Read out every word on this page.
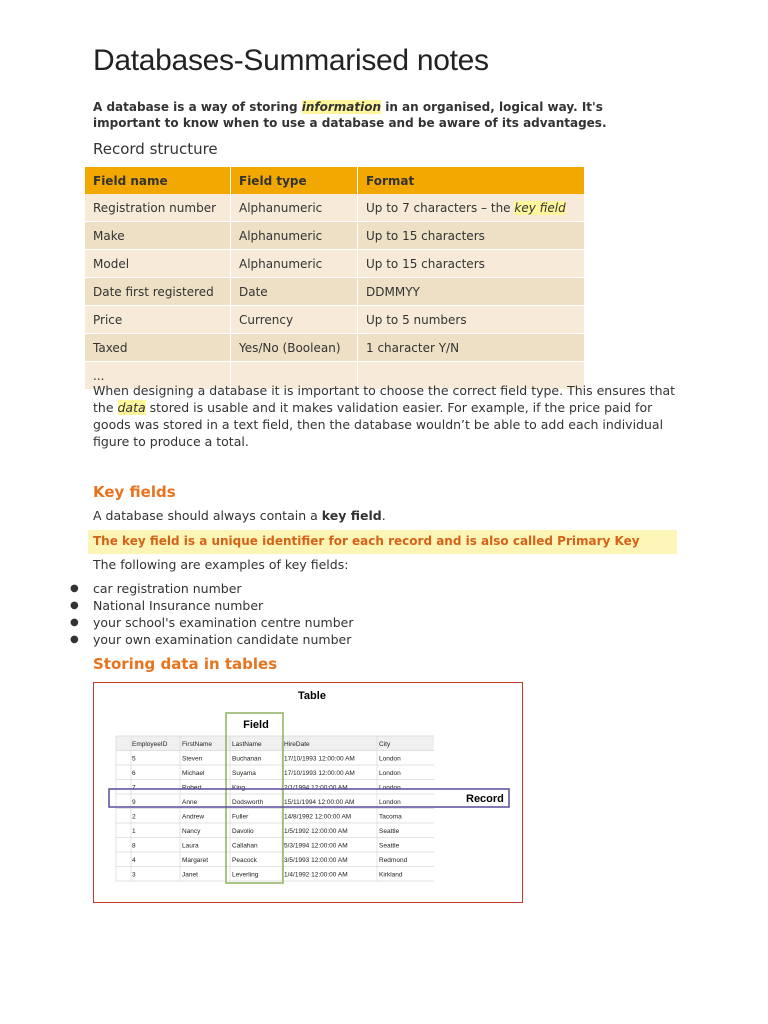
Databases-Summarised notes
A database is a way of storing information in an organised, logical way. It's important to know when to use a database and be aware of its advantages.
Record structure
Field name	Field type	Format
Registration number	Alphanumeric	Up to 7 characters – the key field
Make	Alphanumeric	Up to 15 characters
Model	Alphanumeric	Up to 15 characters
Date first registered	Date	DDMMYY
Price	Currency	Up to 5 numbers
Taxed	Yes/No (Boolean)	1 character Y/N
...		
When designing a database it is important to choose the correct field type. This ensures that the data stored is usable and it makes validation easier. For example, if the price paid for goods was stored in a text field, then the database wouldn’t be able to add each individual figure to produce a total.
Key fields
A database should always contain a key field.
The key field is a unique identifier for each record and is also called Primary Key
The following are examples of key fields:
● car registration number
● National Insurance number
● your school's examination centre number
● your own examination candidate number
Storing data in tables
Table
Field
EmployeeID FirstName	LastName	HireDate	City
5	Steven	Buchanan	17/10/1993 12:00:00 AM	London
6	Michael	Suyama	17/10/1993 12:00:00 AM	London
7	Robert	King	2/1/1994 12:00:00 AM	London
9	Anne	Dodsworth	15/11/1994 12:00:00 AM	London
2	Andrew	Fuller	14/8/1992 12:00:00 AM	Tacoma
1	Nancy	Davolio	1/5/1992 12:00:00 AM	Seattle
8	Laura	Callahan	5/3/1994 12:00:00 AM	Seattle
4	Margaret	Peacock	3/5/1993 12:00:00 AM	Redmond
3	Janet	Leverling	1/4/1992 12:00:00 AM	Kirkland
Record
